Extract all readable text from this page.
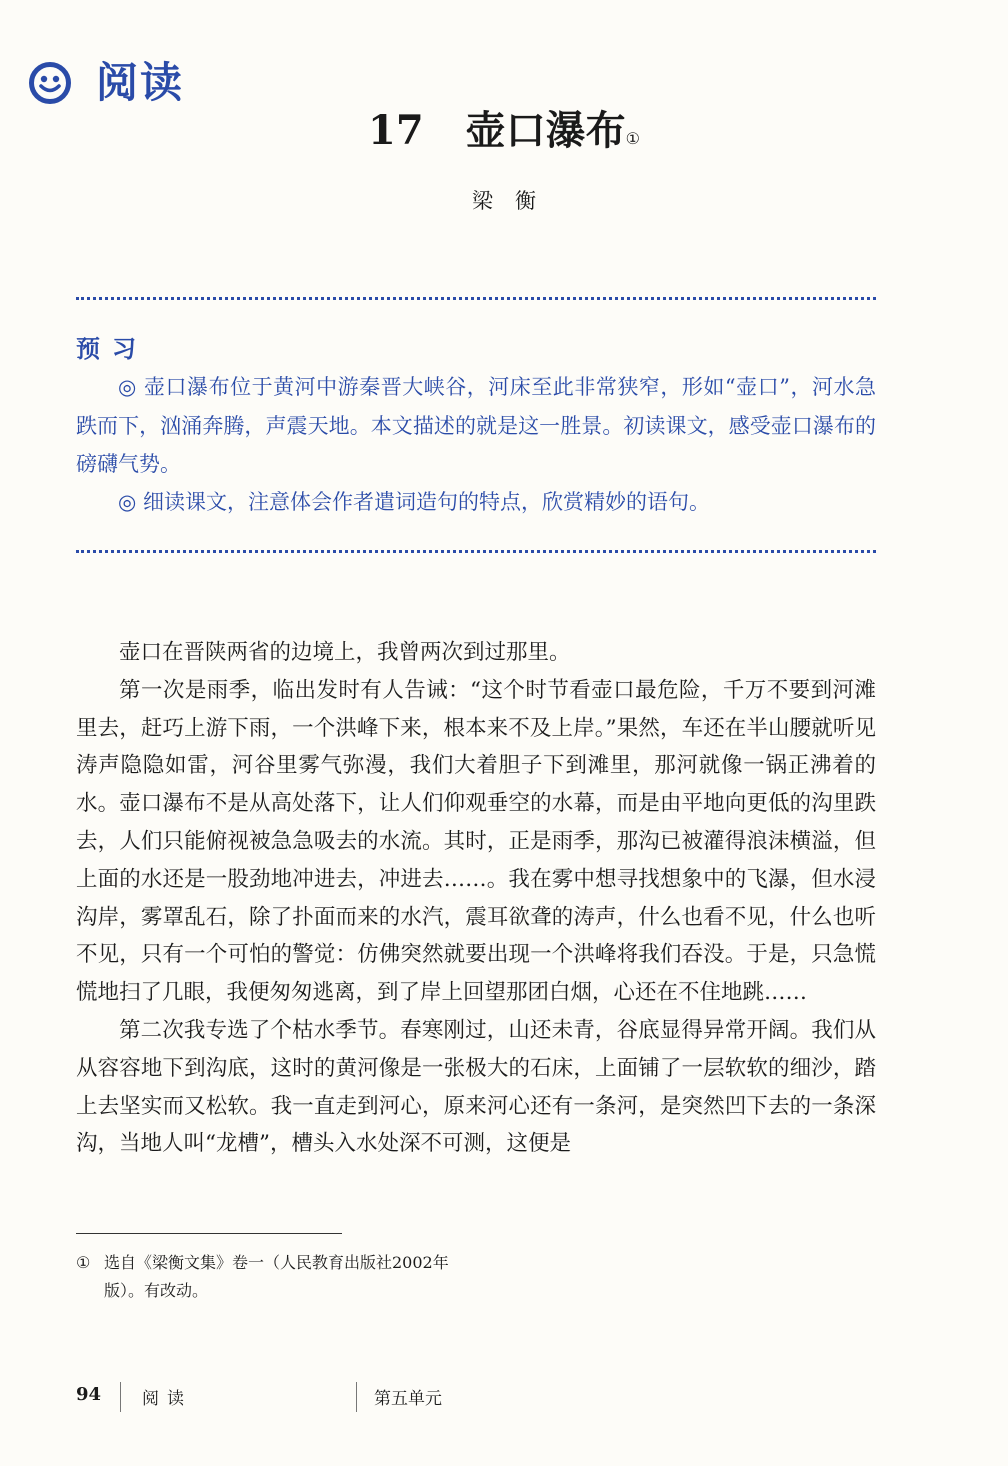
阅读
17 壶口瀑布①
梁衡
预习

◎ 壶口瀑布位于黄河中游秦晋大峡谷，河床至此非常狭窄，形如“壶口”，河水急跌而下，汹涌奔腾，声震天地。本文描述的就是这一胜景。初读课文，感受壶口瀑布的磅礴气势。

◎ 细读课文，注意体会作者遣词造句的特点，欣赏精妙的语句。

壶口在晋陕两省的边境上，我曾两次到过那里。

第一次是雨季，临出发时有人告诫：“这个时节看壶口最危险，千万不要到河滩里去，赶巧上游下雨，一个洪峰下来，根本来不及上岸。”果然，车还在半山腰就听见涛声隐隐如雷，河谷里雾气弥漫，我们大着胆子下到滩里，那河就像一锅正沸着的水。壶口瀑布不是从高处落下，让人们仰观垂空的水幕，而是由平地向更低的沟里跌去，人们只能俯视被急急吸去的水流。其时，正是雨季，那沟已被灌得浪沫横溢，但上面的水还是一股劲地冲进去，冲进去……。我在雾中想寻找想象中的飞瀑，但水浸沟岸，雾罩乱石，除了扑面而来的水汽，震耳欲聋的涛声，什么也看不见，什么也听不见，只有一个可怕的警觉：仿佛突然就要出现一个洪峰将我们吞没。于是，只急慌慌地扫了几眼，我便匆匆逃离，到了岸上回望那团白烟，心还在不住地跳……

第二次我专选了个枯水季节。春寒刚过，山还未青，谷底显得异常开阔。我们从从容容地下到沟底，这时的黄河像是一张极大的石床，上面铺了一层软软的细沙，踏上去坚实而又松软。我一直走到河心，原来河心还有一条河，是突然凹下去的一条深沟，当地人叫“龙槽”，槽头入水处深不可测，这便是

① 选自《梁衡文集》卷一（人民教育出版社2002年版）。有改动。

94 阅读	第五单元
